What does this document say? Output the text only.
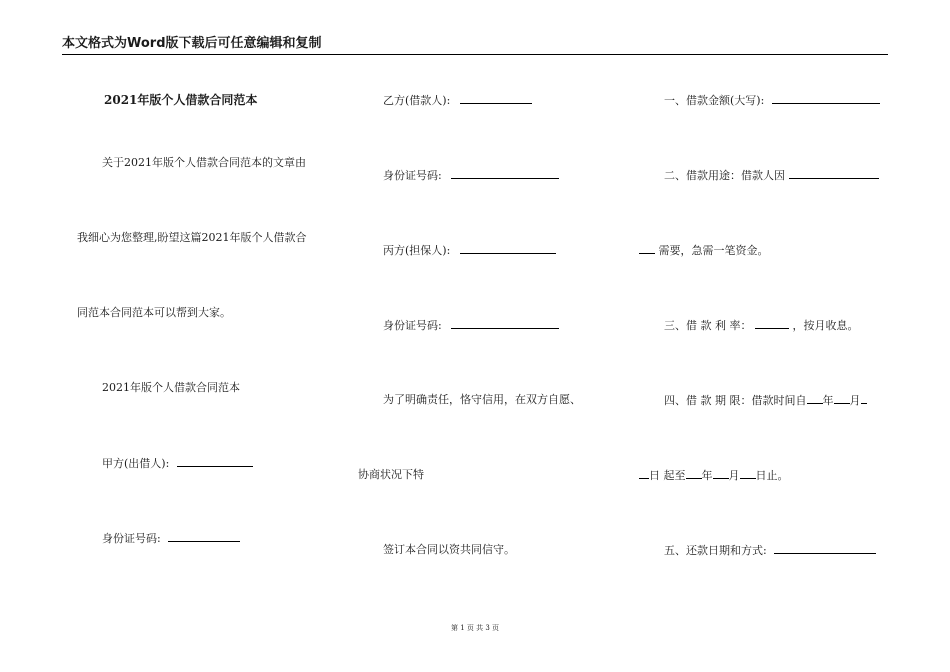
本文格式为Word版下载后可任意编辑和复制
2021年版个人借款合同范本
关于2021年版个人借款合同范本的文章由
我细心为您整理,盼望这篇2021年版个人借款合
同范本合同范本可以帮到大家。
2021年版个人借款合同范本
甲方(出借人):
身份证号码:
乙方(借款人):
身份证号码:
丙方(担保人):
身份证号码:
为了明确责任，恪守信用，在双方自愿、
协商状况下特
签订本合同以资共同信守。
一、借款金额(大写):
二、借款用途：借款人因
需要，急需一笔资金。
三、借 款 利 率：	，按月收息。
四、借 款 期 限：借款时间自 年 月
日 起至 年 月 日止。
五、还款日期和方式:
第 1 页 共 3 页
